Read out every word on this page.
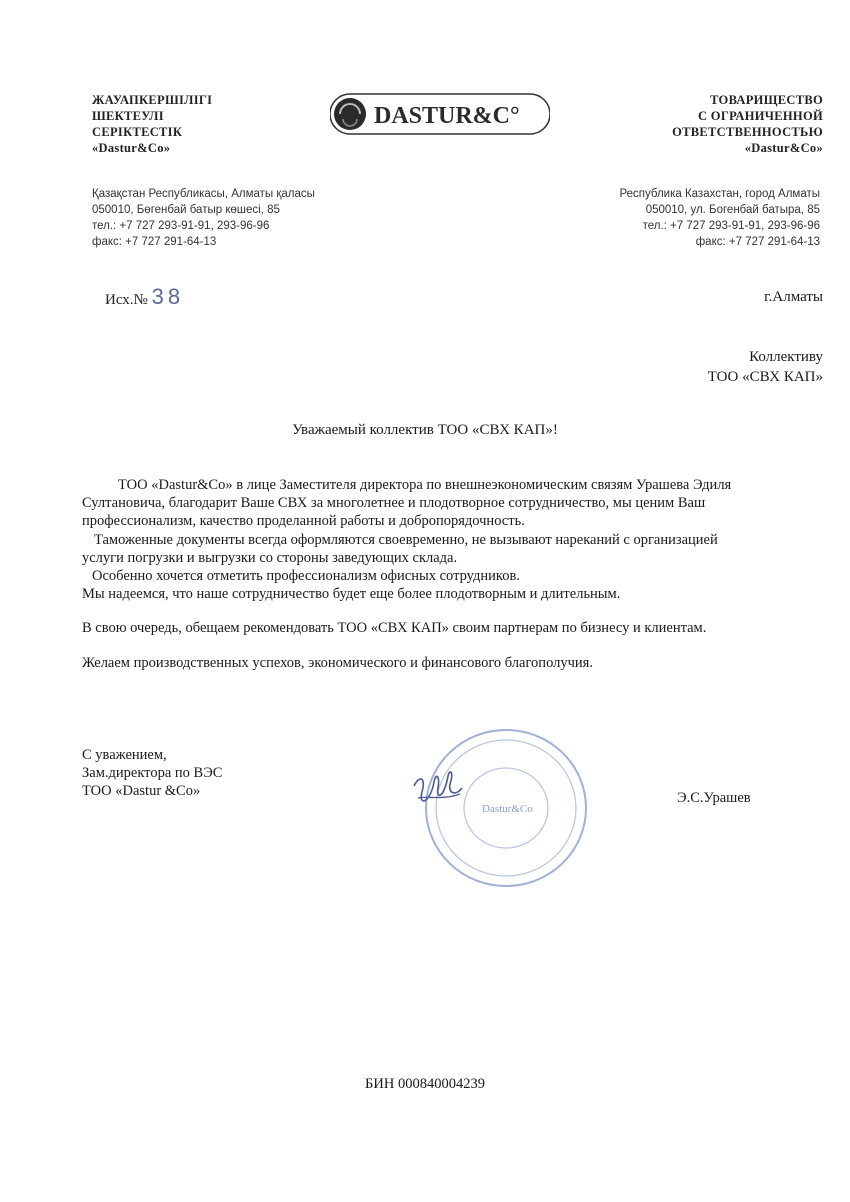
ЖАУАПКЕРШІЛІГІ
ШЕКТЕУЛІ
СЕРІКТЕСТІК
«Dastur&Co»
DASTUR&C°
ТОВАРИЩЕСТВО
С ОГРАНИЧЕННОЙ
ОТВЕТСТВЕННОСТЬЮ
«Dastur&Co»
Қазақстан Республикасы, Алматы қаласы
050010, Бөгенбай батыр көшесі, 85
тел.: +7 727 293-91-91, 293-96-96
факс: +7 727 291-64-13
Республика Казахстан, город Алматы
050010, ул. Богенбай батыра, 85
тел.: +7 727 293-91-91, 293-96-96
факс: +7 727 291-64-13
Исх.№ 38	г.Алматы
Коллективу
ТОО «СВХ КАП»
Уважаемый коллектив ТОО «СВХ КАП»!
ТОО «Dastur&Co» в лице Заместителя директора по внешнеэкономическим связям Урашева Эдиля
Султановича, благодарит Ваше СВХ за многолетнее и плодотворное сотрудничество, мы ценим Ваш
профессионализм, качество проделанной работы и добропорядочность.
Таможенные документы всегда оформляются своевременно, не вызывают нареканий с организацией
услуги погрузки и выгрузки со стороны заведующих склада.
Особенно хочется отметить профессионализм офисных сотрудников.
Мы надеемся, что наше сотрудничество будет еще более плодотворным и длительным.
В свою очередь, обещаем рекомендовать ТОО «СВХ КАП» своим партнерам по бизнесу и клиентам.
Желаем производственных успехов, экономического и финансового благополучия.
С уважением,
Зам.директора по ВЭС
ТОО «Dastur &Co»
Dastur&Co
Э.С.Урашев
БИН 000840004239
